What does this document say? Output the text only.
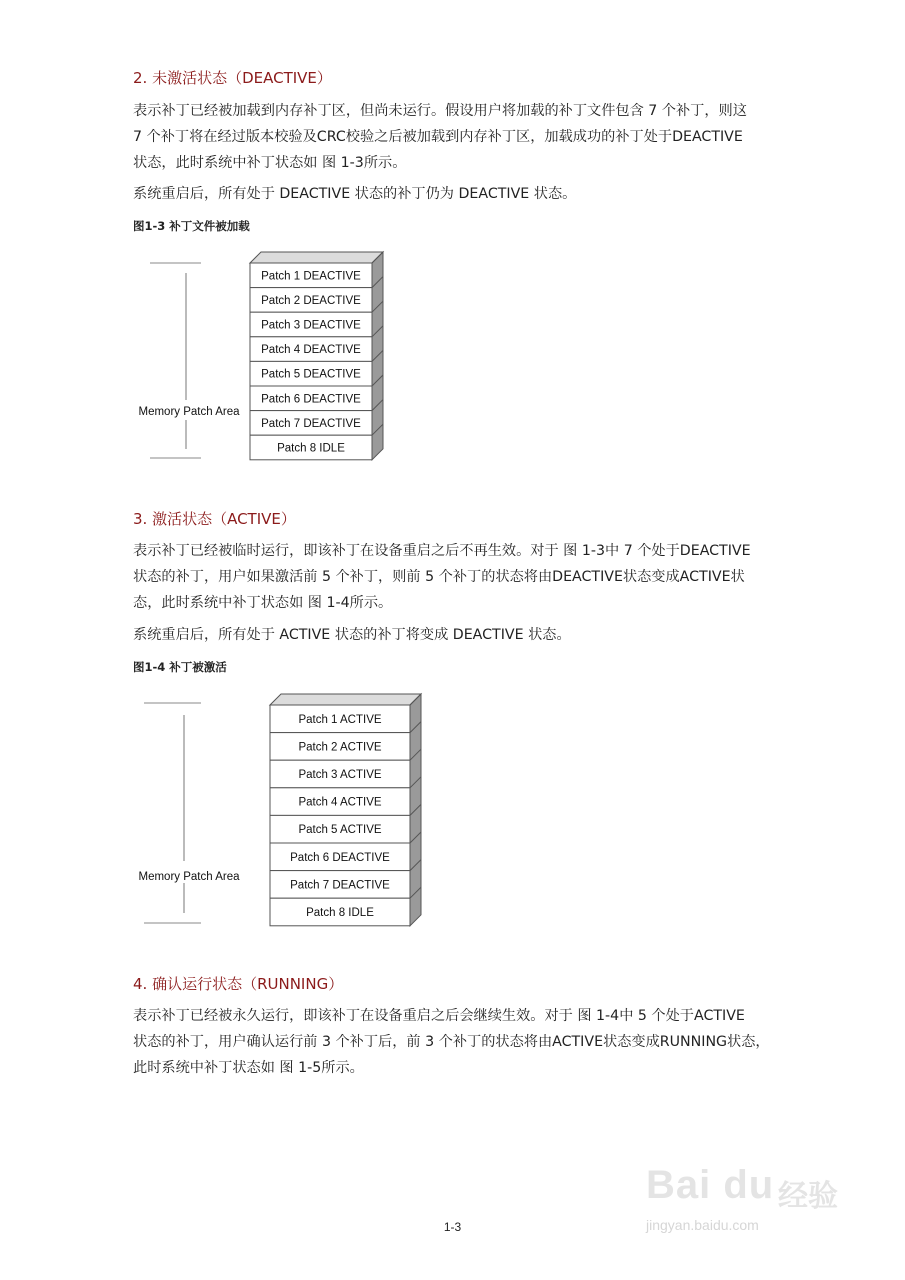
2. 未激活状态（DEACTIVE）
表示补丁已经被加载到内存补丁区，但尚未运行。假设用户将加载的补丁文件包含 7 个补丁，则这
7 个补丁将在经过版本校验及CRC校验之后被加载到内存补丁区，加载成功的补丁处于DEACTIVE
状态，此时系统中补丁状态如 图 1-3所示。
系统重启后，所有处于 DEACTIVE 状态的补丁仍为 DEACTIVE 状态。
图1-3 补丁文件被加载
Memory Patch Area
Patch 1 DEACTIVE
Patch 2 DEACTIVE
Patch 3 DEACTIVE
Patch 4 DEACTIVE
Patch 5 DEACTIVE
Patch 6 DEACTIVE
Patch 7 DEACTIVE
Patch 8 IDLE
3. 激活状态（ACTIVE）
表示补丁已经被临时运行，即该补丁在设备重启之后不再生效。对于 图 1-3中 7 个处于DEACTIVE
状态的补丁，用户如果激活前 5 个补丁，则前 5 个补丁的状态将由DEACTIVE状态变成ACTIVE状
态，此时系统中补丁状态如 图 1-4所示。
系统重启后，所有处于 ACTIVE 状态的补丁将变成 DEACTIVE 状态。
图1-4 补丁被激活
Memory Patch Area
Patch 1 ACTIVE
Patch 2 ACTIVE
Patch 3 ACTIVE
Patch 4 ACTIVE
Patch 5 ACTIVE
Patch 6 DEACTIVE
Patch 7 DEACTIVE
Patch 8 IDLE
4. 确认运行状态（RUNNING）
表示补丁已经被永久运行，即该补丁在设备重启之后会继续生效。对于 图 1-4中 5 个处于ACTIVE
状态的补丁，用户确认运行前 3 个补丁后，前 3 个补丁的状态将由ACTIVE状态变成RUNNING状态，
此时系统中补丁状态如 图 1-5所示。
Bai du 经验
jingyan.baidu.com
1-3
